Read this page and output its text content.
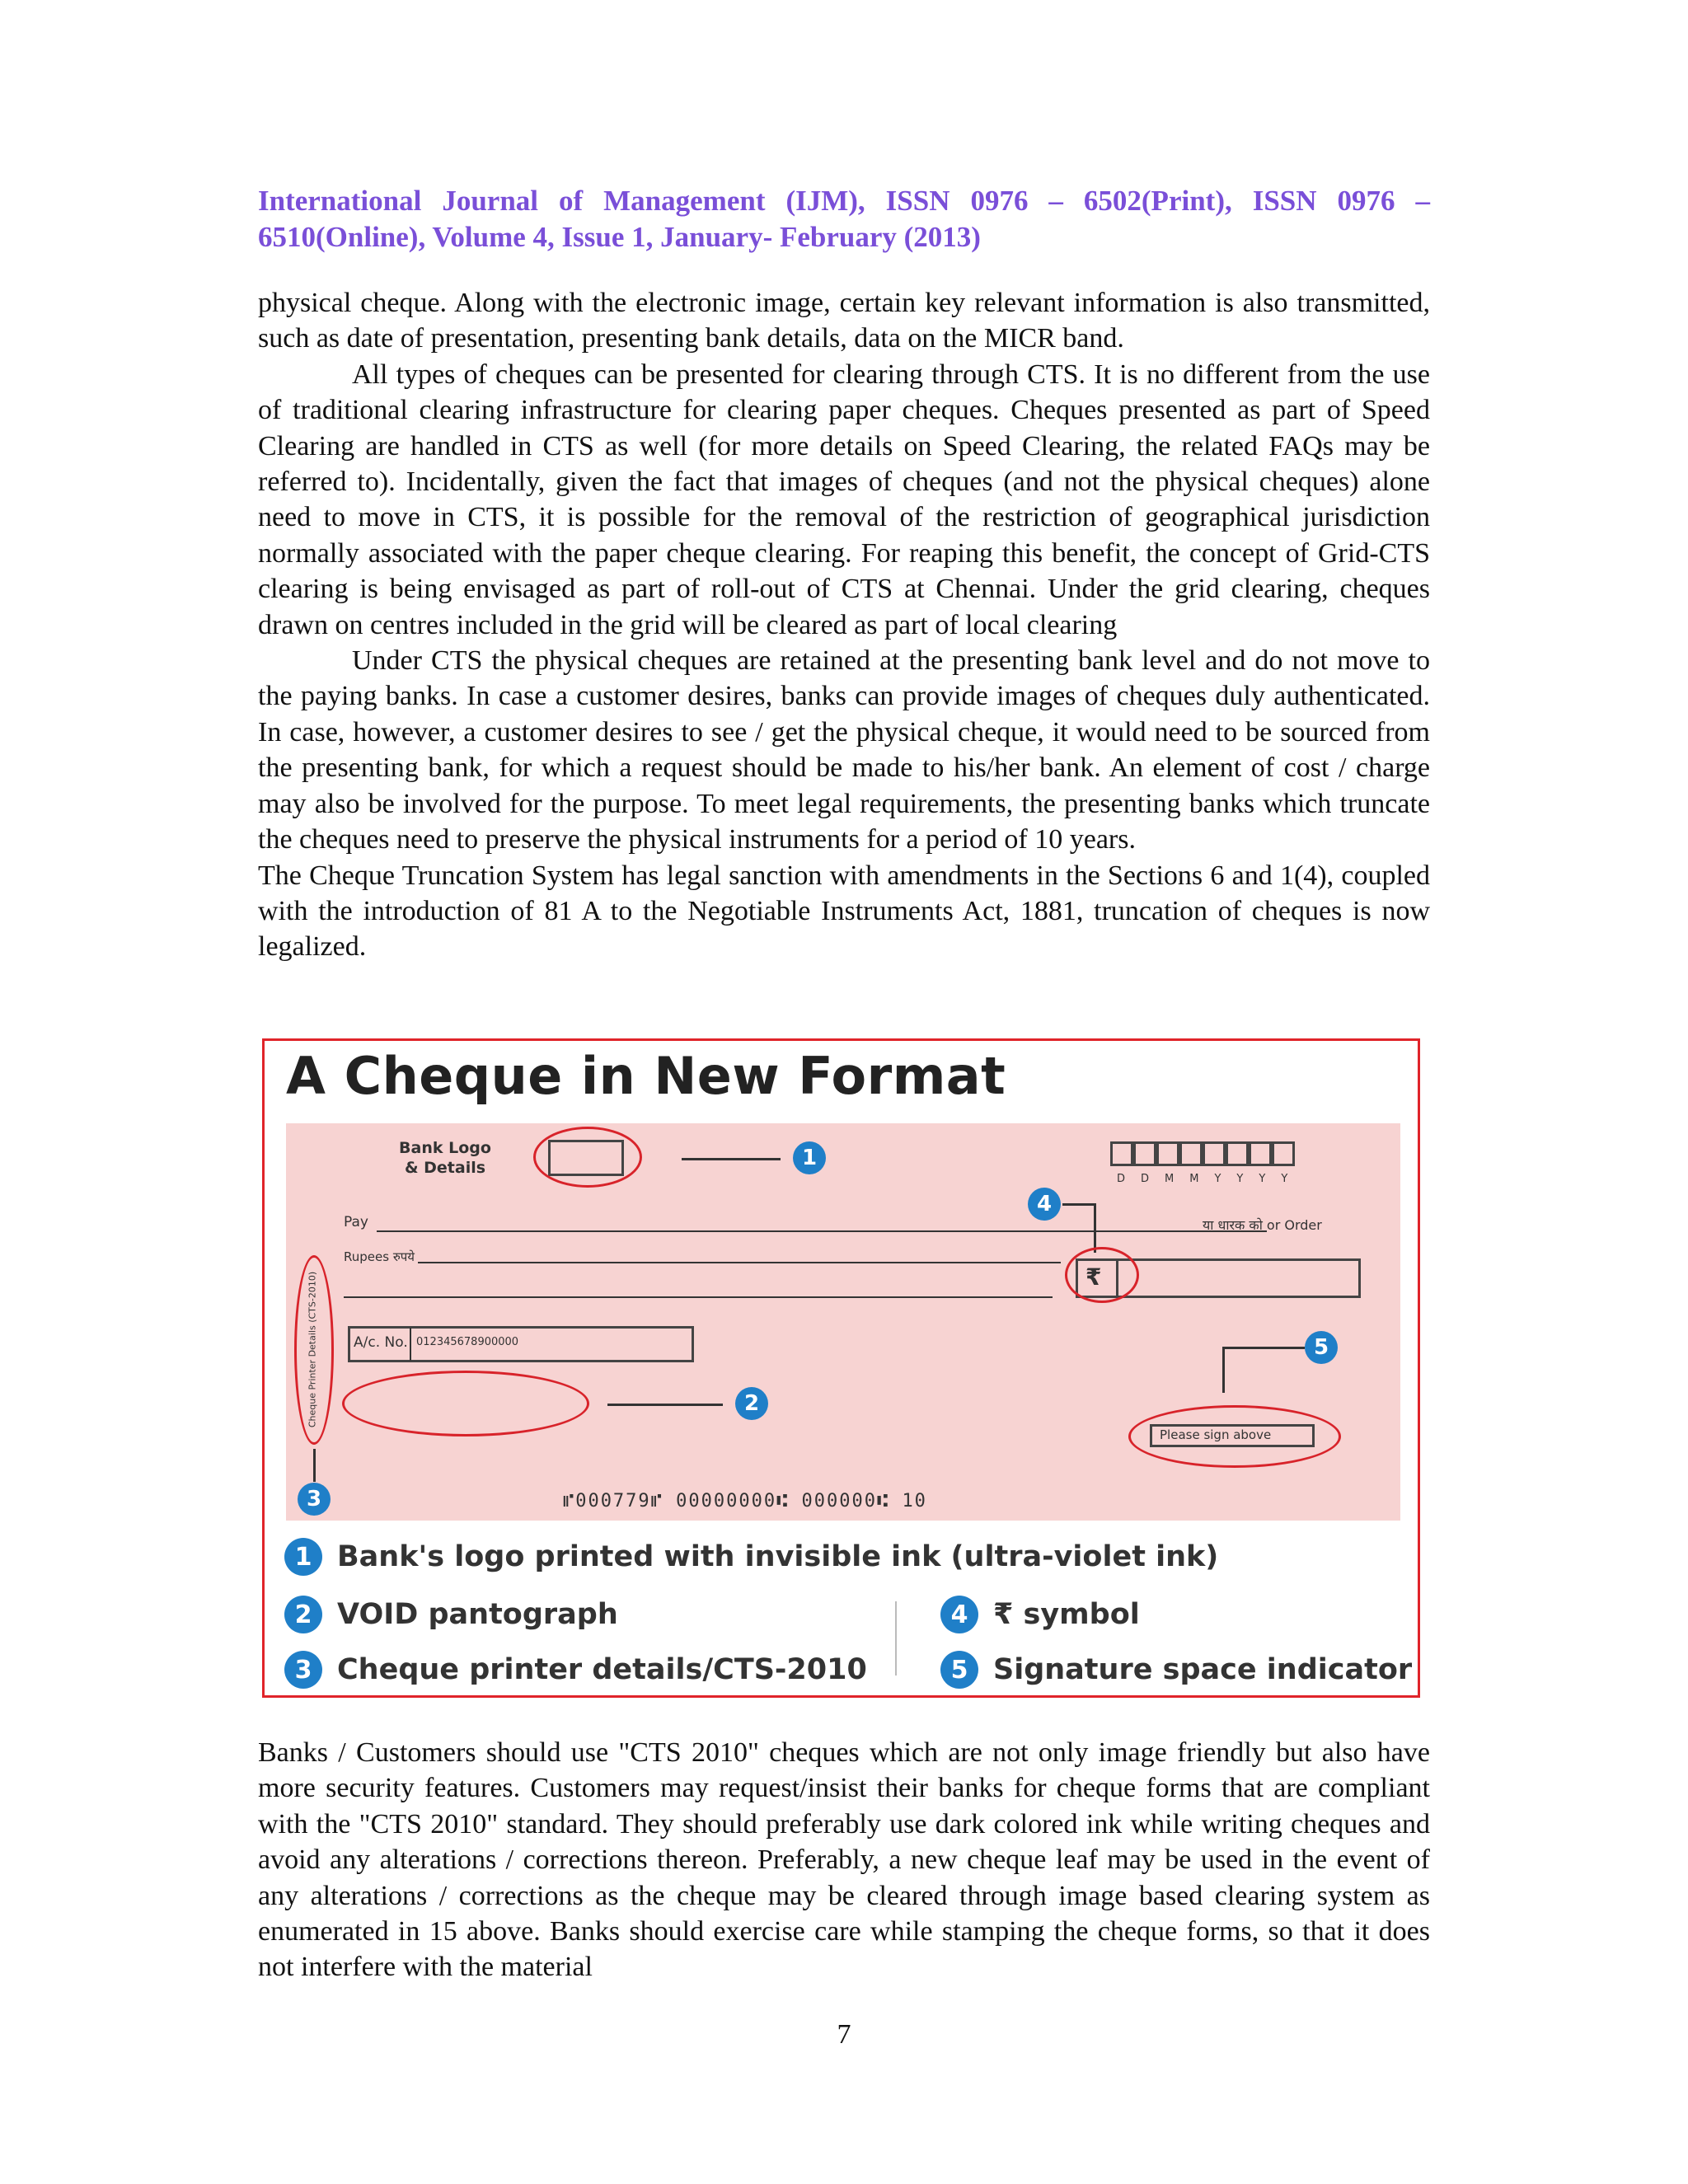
International Journal of Management (IJM), ISSN 0976 – 6502(Print), ISSN 0976 – 6510(Online), Volume 4, Issue 1, January- February (2013)

physical cheque. Along with the electronic image, certain key relevant information is also transmitted, such as date of presentation, presenting bank details, data on the MICR band.

All types of cheques can be presented for clearing through CTS. It is no different from the use of traditional clearing infrastructure for clearing paper cheques. Cheques presented as part of Speed Clearing are handled in CTS as well (for more details on Speed Clearing, the related FAQs may be referred to). Incidentally, given the fact that images of cheques (and not the physical cheques) alone need to move in CTS, it is possible for the removal of the restriction of geographical jurisdiction normally associated with the paper cheque clearing. For reaping this benefit, the concept of Grid-CTS clearing is being envisaged as part of roll-out of CTS at Chennai. Under the grid clearing, cheques drawn on centres included in the grid will be cleared as part of local clearing

Under CTS the physical cheques are retained at the presenting bank level and do not move to the paying banks. In case a customer desires, banks can provide images of cheques duly authenticated. In case, however, a customer desires to see / get the physical cheque, it would need to be sourced from the presenting bank, for which a request should be made to his/her bank. An element of cost / charge may also be involved for the purpose. To meet legal requirements, the presenting banks which truncate the cheques need to preserve the physical instruments for a period of 10 years.

The Cheque Truncation System has legal sanction with amendments in the Sections 6 and 1(4), coupled with the introduction of 81 A to the Negotiable Instruments Act, 1881, truncation of cheques is now legalized.

A Cheque in New Format
Bank Logo & Details	1
DDMMYYYY
4
Pay	या धारक को or Order
Rupees रुपये
₹
A/c. No. 012345678900000
2
Cheque Printer Details (CTS-2010)
3
5
Please sign above
⑈000779⑈ 00000000⑆ 000000⑆ 10
1 Bank's logo printed with invisible ink (ultra-violet ink)
2 VOID pantograph
3 Cheque printer details/CTS-2010
4 ₹ symbol
5 Signature space indicator

Banks / Customers should use "CTS 2010" cheques which are not only image friendly but also have more security features. Customers may request/insist their banks for cheque forms that are compliant with the "CTS 2010" standard. They should preferably use dark colored ink while writing cheques and avoid any alterations / corrections thereon. Preferably, a new cheque leaf may be used in the event of any alterations / corrections as the cheque may be cleared through image based clearing system as enumerated in 15 above. Banks should exercise care while stamping the cheque forms, so that it does not interfere with the material

7
